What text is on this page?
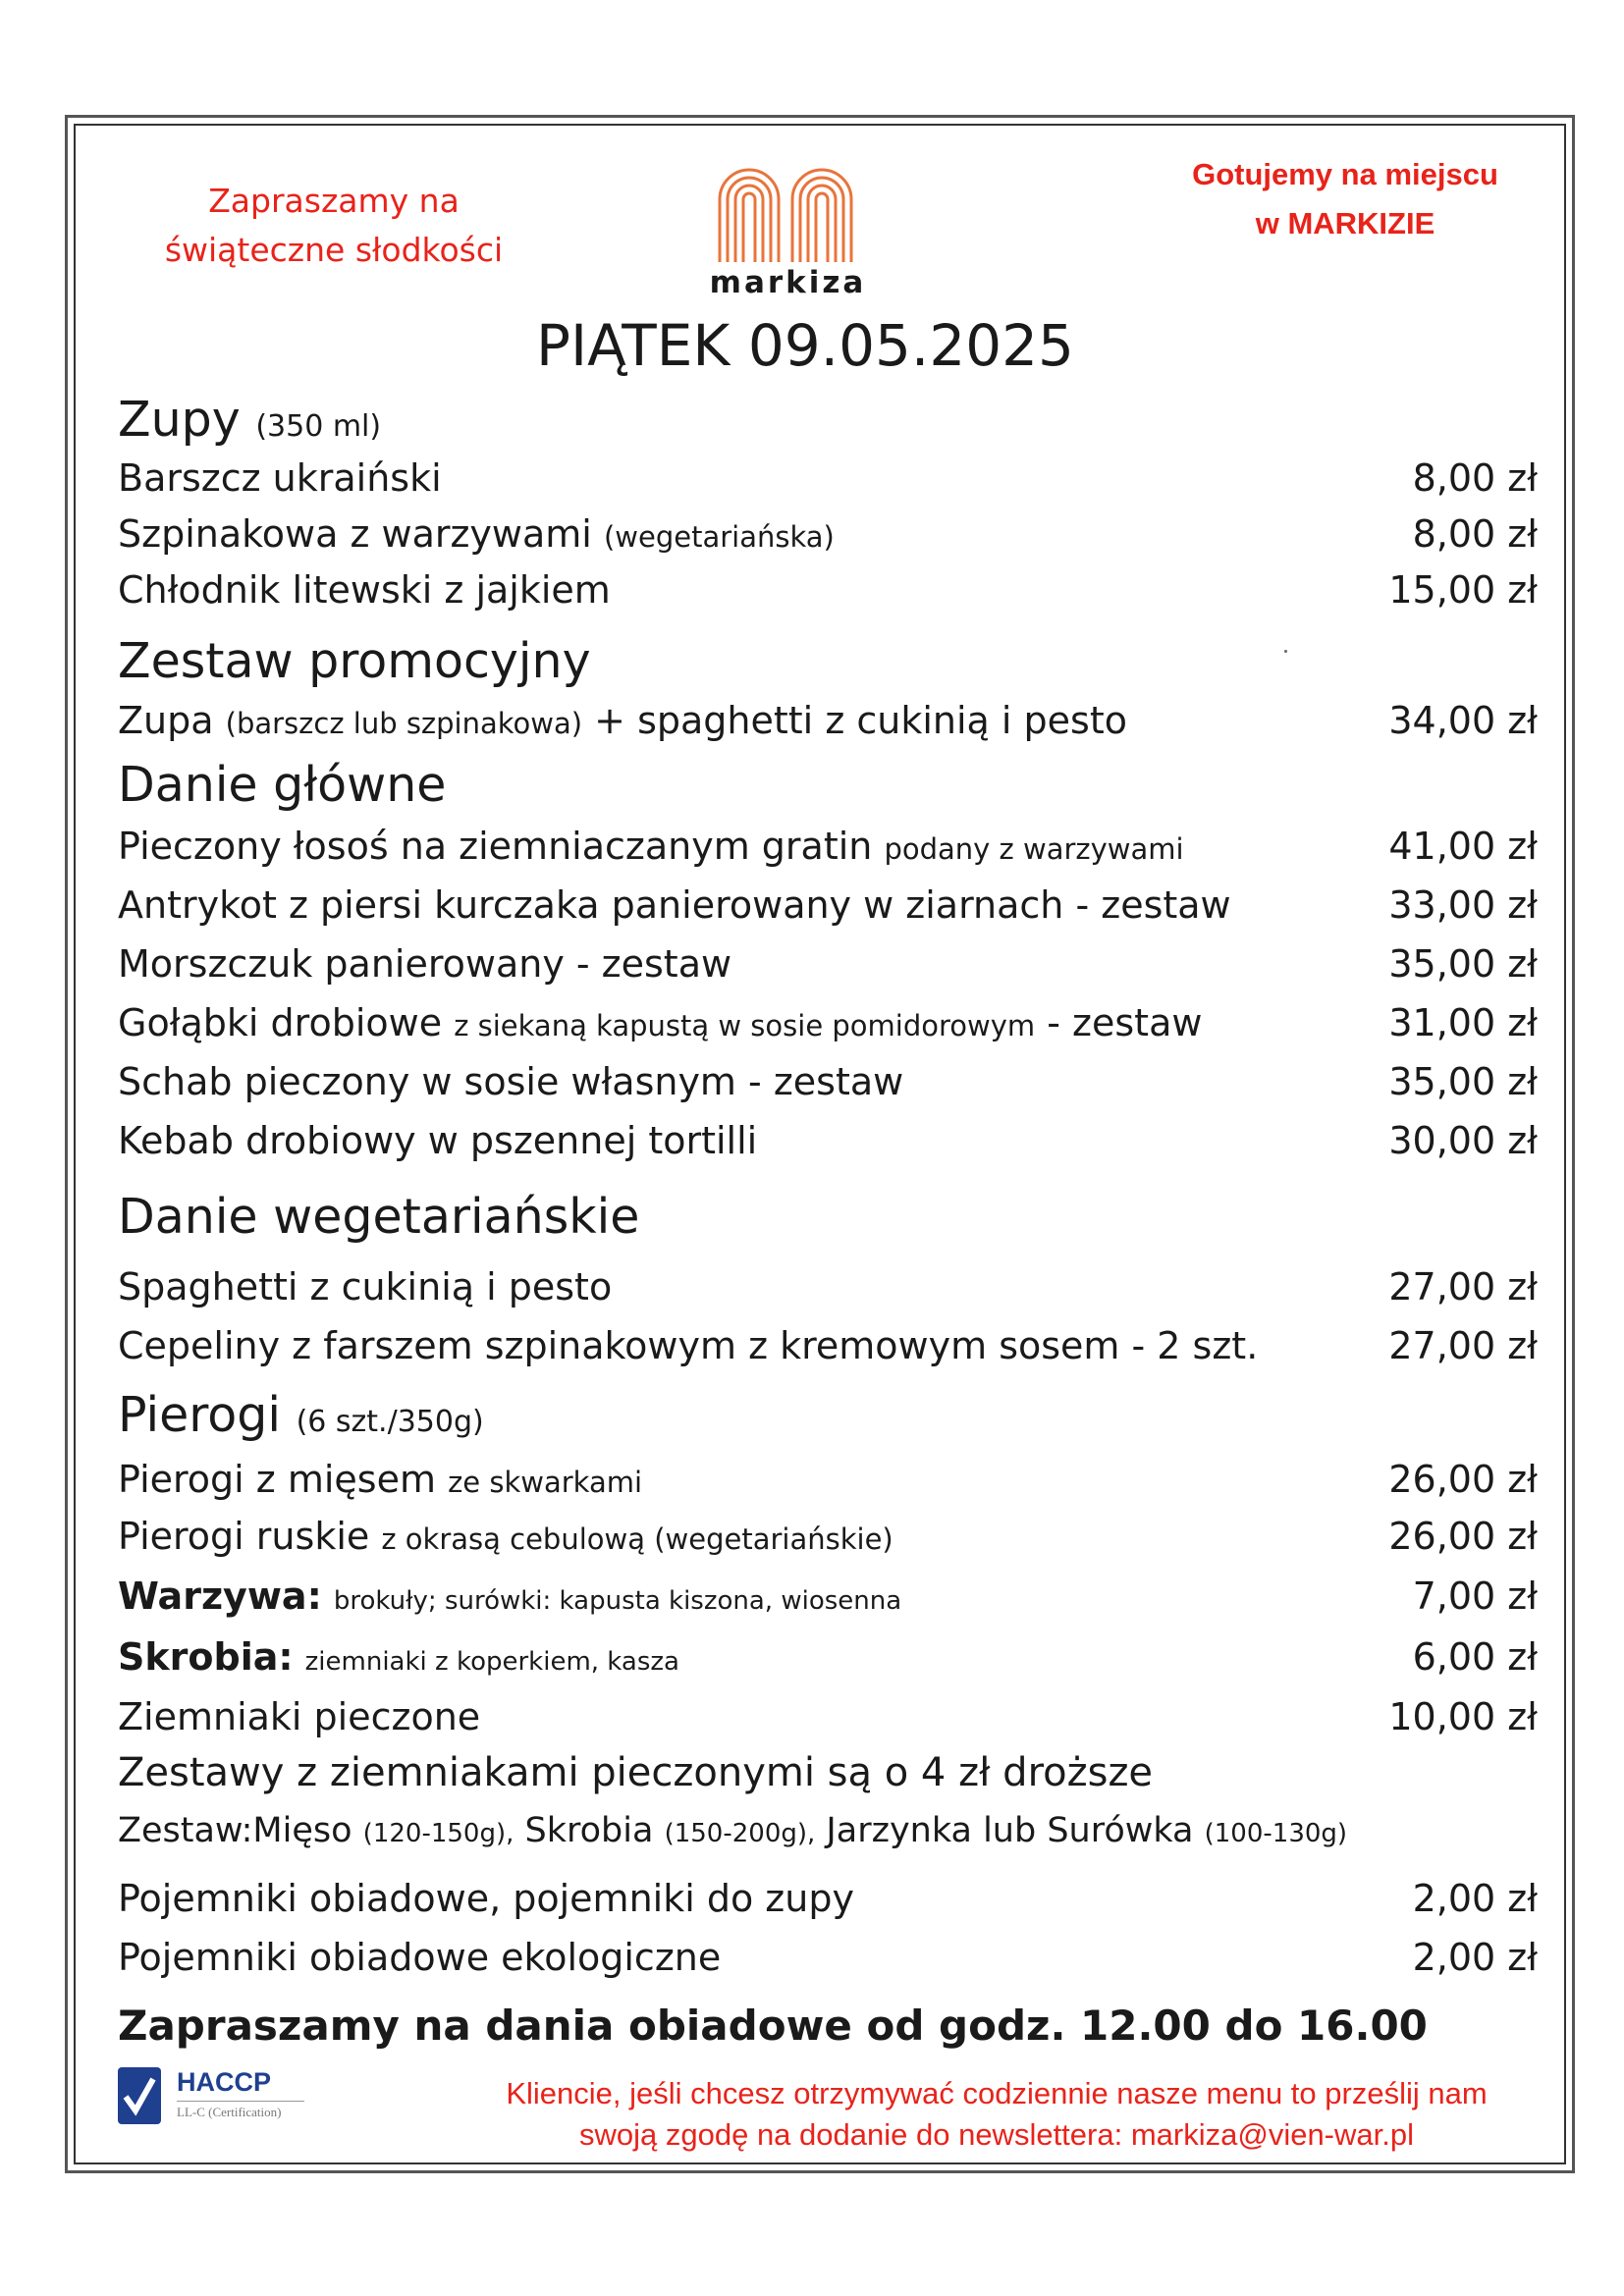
Zapraszamy na
świąteczne słodkości
markiza
Gotujemy na miejscu
w MARKIZIE
PIĄTEK 09.05.2025
Zupy (350 ml)
Barszcz ukraiński	8,00 zł
Szpinakowa z warzywami (wegetariańska)	8,00 zł
Chłodnik litewski z jajkiem	15,00 zł
Zestaw promocyjny
Zupa (barszcz lub szpinakowa) + spaghetti z cukinią i pesto	34,00 zł
Danie główne
Pieczony łosoś na ziemniaczanym gratin podany z warzywami	41,00 zł
Antrykot z piersi kurczaka panierowany w ziarnach - zestaw	33,00 zł
Morszczuk panierowany - zestaw	35,00 zł
Gołąbki drobiowe z siekaną kapustą w sosie pomidorowym - zestaw	31,00 zł
Schab pieczony w sosie własnym - zestaw	35,00 zł
Kebab drobiowy w pszennej tortilli	30,00 zł
Danie wegetariańskie
Spaghetti z cukinią i pesto	27,00 zł
Cepeliny z farszem szpinakowym z kremowym sosem - 2 szt.	27,00 zł
Pierogi (6 szt./350g)
Pierogi z mięsem ze skwarkami	26,00 zł
Pierogi ruskie z okrasą cebulową (wegetariańskie)	26,00 zł
Warzywa: brokuły; surówki: kapusta kiszona, wiosenna	7,00 zł
Skrobia: ziemniaki z koperkiem, kasza	6,00 zł
Ziemniaki pieczone	10,00 zł
Zestawy z ziemniakami pieczonymi są o 4 zł droższe
Zestaw:Mięso (120-150g), Skrobia (150-200g), Jarzynka lub Surówka (100-130g)
Pojemniki obiadowe, pojemniki do zupy	2,00 zł
Pojemniki obiadowe ekologiczne	2,00 zł
Zapraszamy na dania obiadowe od godz. 12.00 do 16.00
HACCP
LL-C (Certification)
Kliencie, jeśli chcesz otrzymywać codziennie nasze menu to prześlij nam
swoją zgodę na dodanie do newslettera: markiza@vien-war.pl
